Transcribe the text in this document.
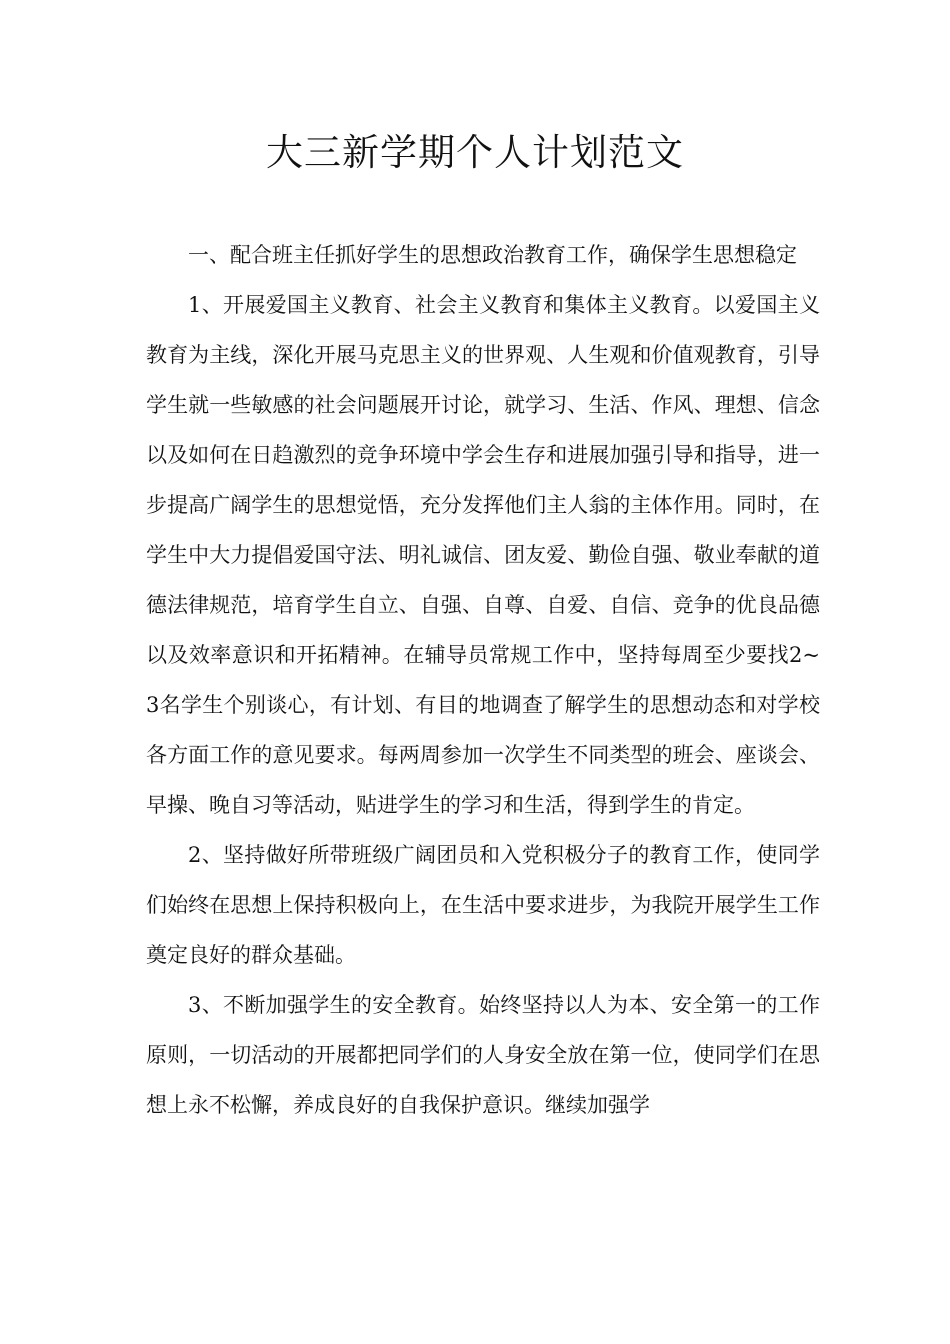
大三新学期个人计划范文

一、配合班主任抓好学生的思想政治教育工作，确保学生思想稳定

1、开展爱国主义教育、社会主义教育和集体主义教育。以爱国主义教育为主线，深化开展马克思主义的世界观、人生观和价值观教育，引导学生就一些敏感的社会问题展开讨论，就学习、生活、作风、理想、信念以及如何在日趋激烈的竞争环境中学会生存和进展加强引导和指导，进一步提高广阔学生的思想觉悟，充分发挥他们主人翁的主体作用。同时，在学生中大力提倡爱国守法、明礼诚信、团友爱、勤俭自强、敬业奉献的道德法律规范，培育学生自立、自强、自尊、自爱、自信、竞争的优良品德以及效率意识和开拓精神。在辅导员常规工作中，坚持每周至少要找2~3名学生个别谈心，有计划、有目的地调查了解学生的思想动态和对学校各方面工作的意见要求。每两周参加一次学生不同类型的班会、座谈会、早操、晚自习等活动，贴进学生的学习和生活，得到学生的肯定。

2、坚持做好所带班级广阔团员和入党积极分子的教育工作，使同学们始终在思想上保持积极向上，在生活中要求进步，为我院开展学生工作奠定良好的群众基础。

3、不断加强学生的安全教育。始终坚持以人为本、安全第一的工作原则，一切活动的开展都把同学们的人身安全放在第一位，使同学们在思想上永不松懈，养成良好的自我保护意识。继续加强学
